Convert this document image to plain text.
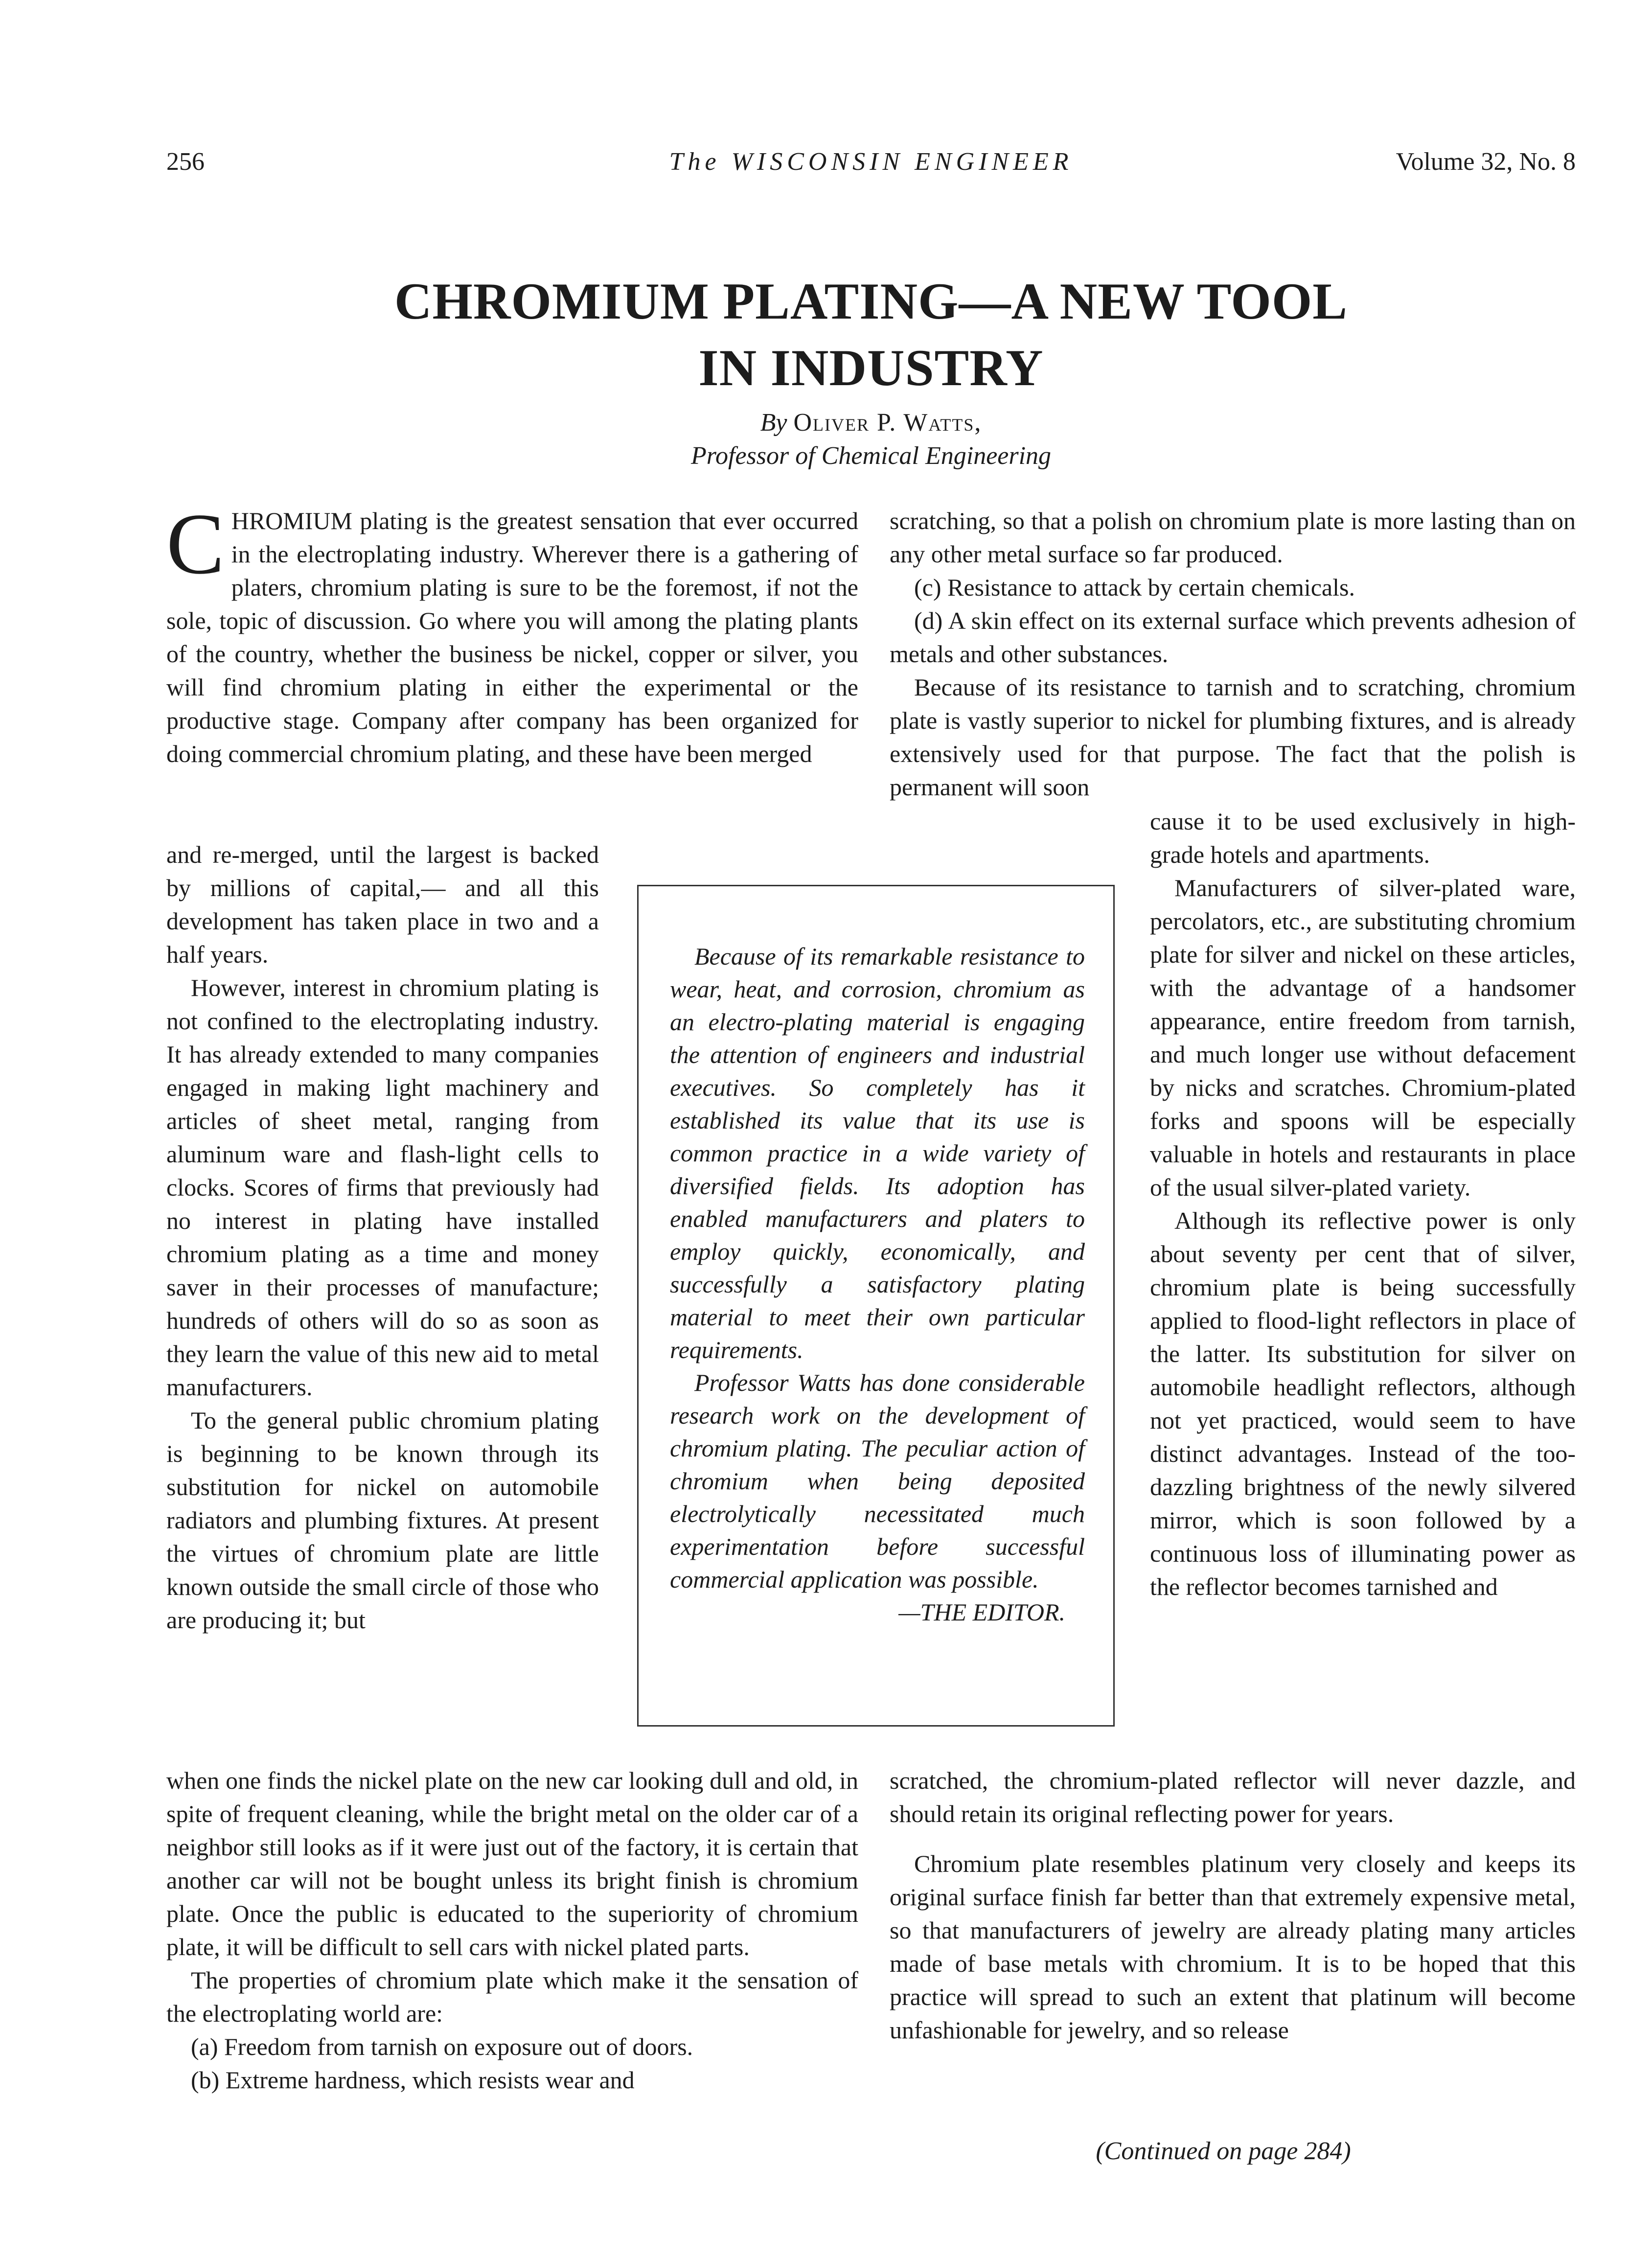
256	The WISCONSIN ENGINEER	Volume 32, No. 8
CHROMIUM PLATING—A NEW TOOL
IN INDUSTRY
By Oliver P. Watts,
Professor of Chemical Engineering

CHROMIUM plating is the greatest sensation that ever occurred in the electroplating industry. Wherever there is a gathering of platers, chromium plating is sure to be the foremost, if not the sole, topic of discussion. Go where you will among the plating plants of the country, whether the business be nickel, copper or silver, you will find chromium plating in either the experimental or the productive stage. Company after company has been organized for doing commercial chromium plating, and these have been merged

and re-merged, until the largest is backed by millions of capital,— and all this development has taken place in two and a half years.

However, interest in chromium plating is not confined to the electroplating industry. It has already extended to many companies engaged in making light machinery and articles of sheet metal, ranging from aluminum ware and flash-light cells to clocks. Scores of firms that previously had no interest in plating have installed chromium plating as a time and money saver in their processes of manufacture; hundreds of others will do so as soon as they learn the value of this new aid to metal manufacturers.

To the general public chromium plating is beginning to be known through its substitution for nickel on automobile radiators and plumbing fixtures. At present the virtues of chromium plate are little known outside the small circle of those who are producing it; but

when one finds the nickel plate on the new car looking dull and old, in spite of frequent cleaning, while the bright metal on the older car of a neighbor still looks as if it were just out of the factory, it is certain that another car will not be bought unless its bright finish is chromium plate. Once the public is educated to the superiority of chromium plate, it will be difficult to sell cars with nickel plated parts.

The properties of chromium plate which make it the sensation of the electroplating world are:

(a) Freedom from tarnish on exposure out of doors.

(b) Extreme hardness, which resists wear and

Because of its remarkable resistance to wear, heat, and corrosion, chromium as an electro-plating material is engaging the attention of engineers and industrial executives. So completely has it established its value that its use is common practice in a wide variety of diversified fields. Its adoption has enabled manufacturers and platers to employ quickly, economically, and successfully a satisfactory plating material to meet their own particular requirements.

Professor Watts has done considerable research work on the development of chromium plating. The peculiar action of chromium when being deposited electrolytically necessitated much experimentation before successful commercial application was possible.

—THE EDITOR.

scratching, so that a polish on chromium plate is more lasting than on any other metal surface so far produced.

(c) Resistance to attack by certain chemicals.

(d) A skin effect on its external surface which prevents adhesion of metals and other substances.

Because of its resistance to tarnish and to scratching, chromium plate is vastly superior to nickel for plumbing fixtures, and is already extensively used for that purpose. The fact that the polish is permanent will soon

cause it to be used exclusively in high-grade hotels and apartments.

Manufacturers of silver-plated ware, percolators, etc., are substituting chromium plate for silver and nickel on these articles, with the advantage of a handsomer appearance, entire freedom from tarnish, and much longer use without defacement by nicks and scratches. Chromium-plated forks and spoons will be especially valuable in hotels and restaurants in place of the usual silver-plated variety.

Although its reflective power is only about seventy per cent that of silver, chromium plate is being successfully applied to flood-light reflectors in place of the latter. Its substitution for silver on automobile headlight reflectors, although not yet practiced, would seem to have distinct advantages. Instead of the too-dazzling brightness of the newly silvered mirror, which is soon followed by a continuous loss of illuminating power as the reflector becomes tarnished and

scratched, the chromium-plated reflector will never dazzle, and should retain its original reflecting power for years.

Chromium plate resembles platinum very closely and keeps its original surface finish far better than that extremely expensive metal, so that manufacturers of jewelry are already plating many articles made of base metals with chromium. It is to be hoped that this practice will spread to such an extent that platinum will become unfashionable for jewelry, and so release

(Continued on page 284)
